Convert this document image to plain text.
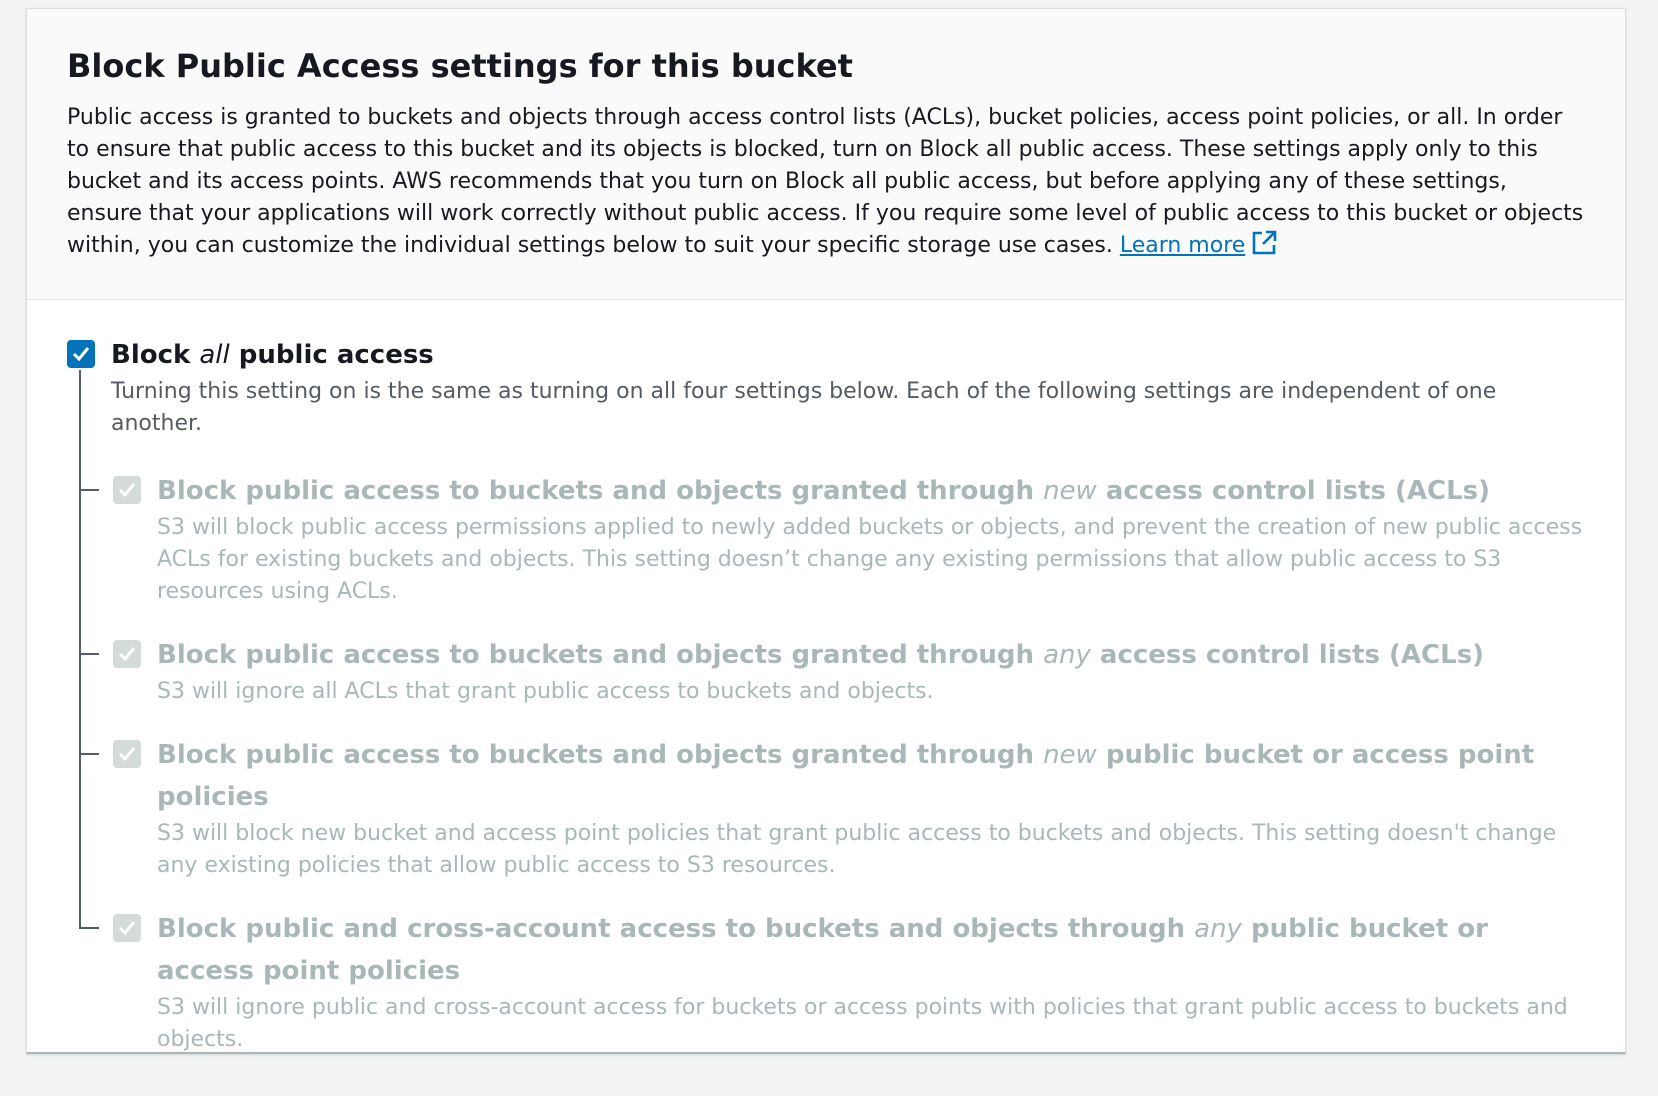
Block Public Access settings for this bucket

Public access is granted to buckets and objects through access control lists (ACLs), bucket policies, access point policies, or all. In order to ensure that public access to this bucket and its objects is blocked, turn on Block all public access. These settings apply only to this bucket and its access points. AWS recommends that you turn on Block all public access, but before applying any of these settings, ensure that your applications will work correctly without public access. If you require some level of public access to this bucket or objects within, you can customize the individual settings below to suit your specific storage use cases. Learn more

Block all public access
Turning this setting on is the same as turning on all four settings below. Each of the following settings are independent of one another.
Block public access to buckets and objects granted through new access control lists (ACLs)
S3 will block public access permissions applied to newly added buckets or objects, and prevent the creation of new public access ACLs for existing buckets and objects. This setting doesn’t change any existing permissions that allow public access to S3 resources using ACLs.
Block public access to buckets and objects granted through any access control lists (ACLs)
S3 will ignore all ACLs that grant public access to buckets and objects.
Block public access to buckets and objects granted through new public bucket or access point policies
S3 will block new bucket and access point policies that grant public access to buckets and objects. This setting doesn't change any existing policies that allow public access to S3 resources.
Block public and cross-account access to buckets and objects through any public bucket or access point policies
S3 will ignore public and cross-account access for buckets or access points with policies that grant public access to buckets and objects.
